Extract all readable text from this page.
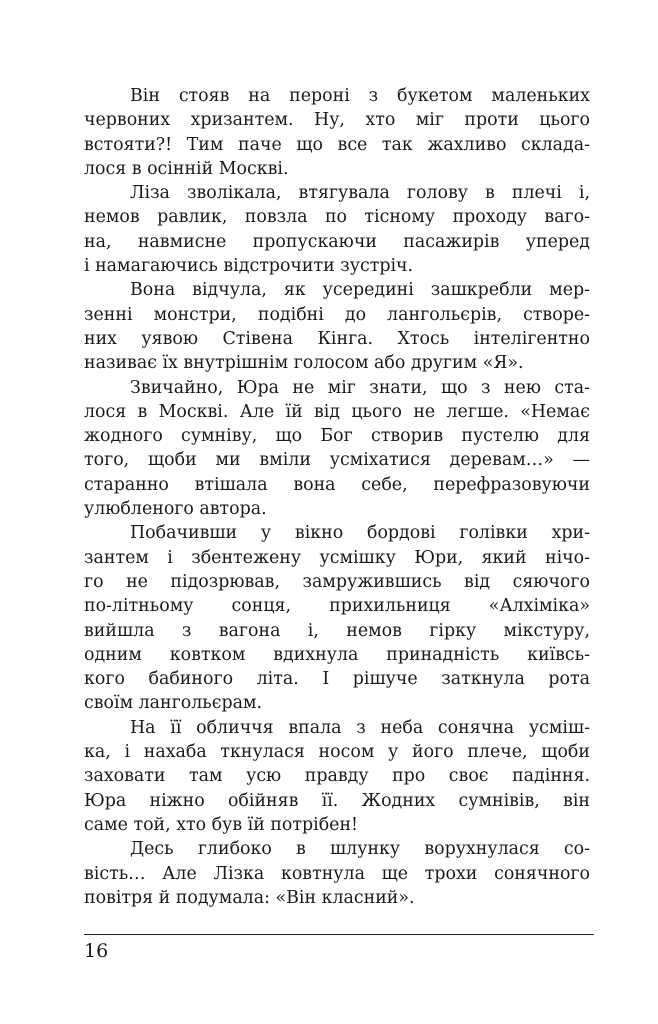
Він стояв на пероні з букетом маленьких
червоних хризантем. Ну, хто міг проти цього
встояти?! Тим паче що все так жахливо склада-
лося в осінній Москві.
Ліза зволікала, втягувала голову в плечі і,
немов равлик, повзла по тісному проходу ваго-
на, навмисне пропускаючи пасажирів уперед
і намагаючись відстрочити зустріч.
Вона відчула, як усередині зашкребли мер-
зенні монстри, подібні до лангольєрів, створе-
них уявою Стівена Кінга. Хтось інтелігентно
називає їх внутрішнім голосом або другим «Я».
Звичайно, Юра не міг знати, що з нею ста-
лося в Москві. Але їй від цього не легше. «Немає
жодного сумніву, що Бог створив пустелю для
того, щоби ми вміли усміхатися деревам…» —
старанно втішала вона себе, перефразовуючи
улюбленого автора.
Побачивши у вікно бордові голівки хри-
зантем і збентежену усмішку Юри, який нічо-
го не підозрював, замружившись від сяючого
по-літньому сонця, прихильниця «Алхіміка»
вийшла з вагона і, немов гірку мікстуру,
одним ковтком вдихнула принадність київсь-
кого бабиного літа. І рішуче заткнула рота
своїм лангольєрам.
На її обличчя впала з неба сонячна усміш-
ка, і нахаба ткнулася носом у його плече, щоби
заховати там усю правду про своє падіння.
Юра ніжно обійняв її. Жодних сумнівів, він
саме той, хто був їй потрібен!
Десь глибоко в шлунку ворухнулася со-
вість… Але Лізка ковтнула ще трохи сонячного
повітря й подумала: «Він класний».
16
